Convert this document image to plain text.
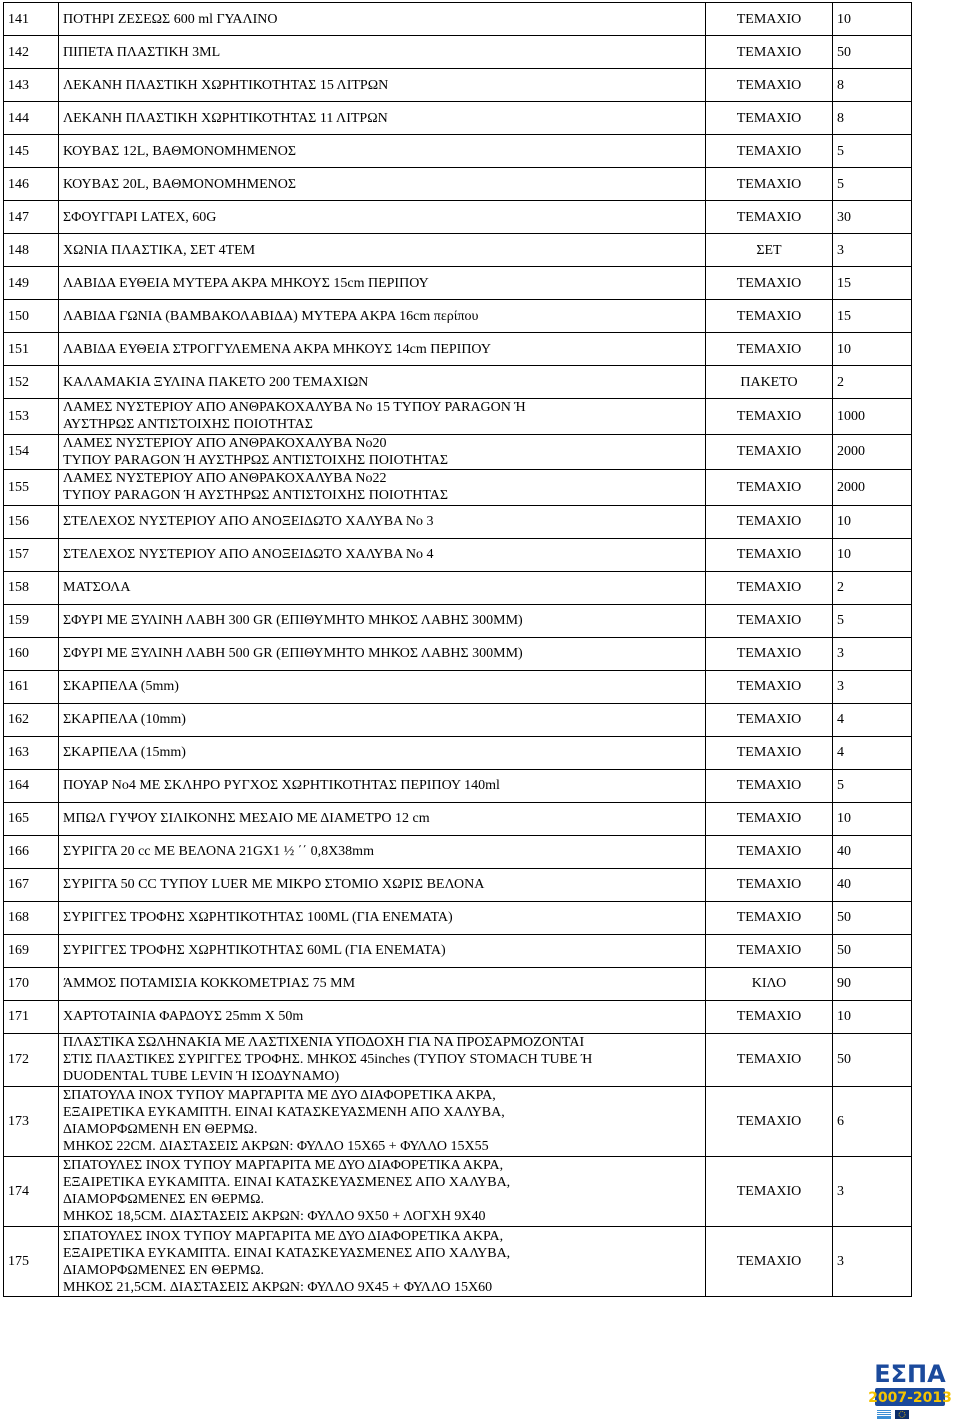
141	ΠΟΤΗΡΙ ΖΕΣΕΩΣ 600 ml ΓΥΑΛΙΝΟ	ΤΕΜΑΧΙΟ	10
142	ΠΙΠΕΤΑ ΠΛΑΣΤΙΚΗ 3ML	ΤΕΜΑΧΙΟ	50
143	ΛΕΚΑΝΗ ΠΛΑΣΤΙΚΗ ΧΩΡΗΤΙΚΟΤΗΤΑΣ 15 ΛΙΤΡΩΝ	ΤΕΜΑΧΙΟ	8
144	ΛΕΚΑΝΗ ΠΛΑΣΤΙΚΗ ΧΩΡΗΤΙΚΟΤΗΤΑΣ 11 ΛΙΤΡΩΝ	ΤΕΜΑΧΙΟ	8
145	ΚΟΥΒΑΣ 12L, ΒΑΘΜΟΝΟΜΗΜΕΝΟΣ	ΤΕΜΑΧΙΟ	5
146	ΚΟΥΒΑΣ 20L, ΒΑΘΜΟΝΟΜΗΜΕΝΟΣ	ΤΕΜΑΧΙΟ	5
147	ΣΦΟΥΓΓΑΡΙ LATEX, 60G	ΤΕΜΑΧΙΟ	30
148	ΧΩΝΙΑ ΠΛΑΣΤΙΚΑ, ΣΕΤ 4ΤΕΜ	ΣΕΤ	3
149	ΛΑΒΙΔΑ ΕΥΘΕΙΑ ΜΥΤΕΡΑ ΑΚΡΑ ΜΗΚΟΥΣ 15cm ΠΕΡΙΠΟΥ	ΤΕΜΑΧΙΟ	15
150	ΛΑΒΙΔΑ ΓΩΝΙΑ (ΒΑΜΒΑΚΟΛΑΒΙΔΑ) ΜΥΤΕΡΑ ΑΚΡΑ 16cm περίπου	ΤΕΜΑΧΙΟ	15
151	ΛΑΒΙΔΑ ΕΥΘΕΙΑ ΣΤΡΟΓΓΥΛΕΜΕΝΑ ΑΚΡΑ ΜΗΚΟΥΣ 14cm ΠΕΡΙΠΟΥ	ΤΕΜΑΧΙΟ	10
152	ΚΑΛΑΜΑΚΙΑ ΞΥΛΙΝΑ ΠΑΚΕΤΟ 200 ΤΕΜΑΧΙΩΝ	ΠΑΚΕΤΟ	2
153	ΛΑΜΕΣ ΝΥΣΤΕΡΙΟΥ ΑΠΟ ΑΝΘΡΑΚΟΧΑΛΥΒΑ Νο 15 ΤΥΠΟΥ PARAGON Ή
ΑΥΣΤΗΡΩΣ ΑΝΤΙΣΤΟΙΧΗΣ ΠΟΙΟΤΗΤΑΣ	ΤΕΜΑΧΙΟ	1000
154	ΛΑΜΕΣ ΝΥΣΤΕΡΙΟΥ ΑΠΟ ΑΝΘΡΑΚΟΧΑΛΥΒΑ Νο20
ΤΥΠΟΥ PARAGON Ή ΑΥΣΤΗΡΩΣ ΑΝΤΙΣΤΟΙΧΗΣ ΠΟΙΟΤΗΤΑΣ	ΤΕΜΑΧΙΟ	2000
155	ΛΑΜΕΣ ΝΥΣΤΕΡΙΟΥ ΑΠΟ ΑΝΘΡΑΚΟΧΑΛΥΒΑ Νο22
ΤΥΠΟΥ PARAGON Ή ΑΥΣΤΗΡΩΣ ΑΝΤΙΣΤΟΙΧΗΣ ΠΟΙΟΤΗΤΑΣ	ΤΕΜΑΧΙΟ	2000
156	ΣΤΕΛΕΧΟΣ ΝΥΣΤΕΡΙΟΥ ΑΠΟ ΑΝΟΞΕΙΔΩΤΟ ΧΑΛΥΒΑ Νο 3	ΤΕΜΑΧΙΟ	10
157	ΣΤΕΛΕΧΟΣ ΝΥΣΤΕΡΙΟΥ ΑΠΟ ΑΝΟΞΕΙΔΩΤΟ ΧΑΛΥΒΑ Νο 4	ΤΕΜΑΧΙΟ	10
158	ΜΑΤΣΟΛΑ	ΤΕΜΑΧΙΟ	2
159	ΣΦΥΡΙ ΜΕ ΞΥΛΙΝΗ ΛΑΒΗ 300 GR (ΕΠΙΘΥΜΗΤΟ ΜΗΚΟΣ ΛΑΒΗΣ 300ΜΜ)	ΤΕΜΑΧΙΟ	5
160	ΣΦΥΡΙ ΜΕ ΞΥΛΙΝΗ ΛΑΒΗ 500 GR (ΕΠΙΘΥΜΗΤΟ ΜΗΚΟΣ ΛΑΒΗΣ 300ΜΜ)	ΤΕΜΑΧΙΟ	3
161	ΣΚΑΡΠΕΛΑ (5mm)	ΤΕΜΑΧΙΟ	3
162	ΣΚΑΡΠΕΛΑ (10mm)	ΤΕΜΑΧΙΟ	4
163	ΣΚΑΡΠΕΛΑ (15mm)	ΤΕΜΑΧΙΟ	4
164	ΠΟΥΑΡ Νο4 ΜΕ ΣΚΛΗΡΟ ΡΥΓΧΟΣ ΧΩΡΗΤΙΚΟΤΗΤΑΣ ΠΕΡΙΠΟΥ 140ml	ΤΕΜΑΧΙΟ	5
165	ΜΠΩΛ ΓΥΨΟΥ ΣΙΛΙΚΟΝΗΣ ΜΕΣΑΙΟ ΜΕ ΔΙΑΜΕΤΡΟ 12 cm	ΤΕΜΑΧΙΟ	10
166	ΣΥΡΙΓΓΑ 20 cc ΜΕ ΒΕΛΟΝΑ 21GX1 ½ ΄΄ 0,8X38mm	ΤΕΜΑΧΙΟ	40
167	ΣΥΡΙΓΓΑ 50 CC ΤΥΠΟΥ LUER ΜΕ ΜΙΚΡΟ ΣΤΟΜΙΟ ΧΩΡΙΣ ΒΕΛΟΝΑ	ΤΕΜΑΧΙΟ	40
168	ΣΥΡΙΓΓΕΣ ΤΡΟΦΗΣ ΧΩΡΗΤΙΚΟΤΗΤΑΣ 100ML (ΓΙΑ ΕΝΕΜΑΤΑ)	ΤΕΜΑΧΙΟ	50
169	ΣΥΡΙΓΓΕΣ ΤΡΟΦΗΣ ΧΩΡΗΤΙΚΟΤΗΤΑΣ 60ML (ΓΙΑ ΕΝΕΜΑΤΑ)	ΤΕΜΑΧΙΟ	50
170	ΆΜΜΟΣ ΠΟΤΑΜΙΣΙΑ ΚΟΚΚΟΜΕΤΡΙΑΣ 75 ΜΜ	ΚΙΛΟ	90
171	ΧΑΡΤΟΤΑΙΝΙΑ ΦΑΡΔΟΥΣ 25mm X 50m	ΤΕΜΑΧΙΟ	10
172	ΠΛΑΣΤΙΚΑ ΣΩΛΗΝΑΚΙΑ ΜΕ ΛΑΣΤΙΧΕΝΙΑ ΥΠΟΔΟΧΗ ΓΙΑ ΝΑ ΠΡΟΣΑΡΜΟΖΟΝΤΑΙ
ΣΤΙΣ ΠΛΑΣΤΙΚΕΣ ΣΥΡΙΓΓΕΣ ΤΡΟΦΗΣ. ΜΗΚΟΣ 45inches (ΤΥΠΟΥ STOMACH TUBE Ή
DUODENTAL TUBE LEVIN Ή ΙΣΟΔΥΝΑΜΟ)	ΤΕΜΑΧΙΟ	50
173	ΣΠΑΤΟΥΛΑ ΙΝΟΧ ΤΥΠΟΥ ΜΑΡΓΑΡΙΤΑ ΜΕ ΔΥΟ ΔΙΑΦΟΡΕΤΙΚΑ ΑΚΡΑ,
ΕΞΑΙΡΕΤΙΚΑ ΕΥΚΑΜΠΤΗ. ΕΙΝΑΙ ΚΑΤΑΣΚΕΥΑΣΜΕΝΗ ΑΠΟ ΧΑΛΥΒΑ,
ΔΙΑΜΟΡΦΩΜΕΝΗ ΕΝ ΘΕΡΜΩ.
ΜΗΚΟΣ 22CM. ΔΙΑΣΤΑΣΕΙΣ ΑΚΡΩΝ: ΦΥΛΛΟ 15Χ65 + ΦΥΛΛΟ 15Χ55	ΤΕΜΑΧΙΟ	6
174	ΣΠΑΤΟΥΛΕΣ ΙΝΟΧ ΤΥΠΟΥ ΜΑΡΓΑΡΙΤΑ ΜΕ ΔΥΟ ΔΙΑΦΟΡΕΤΙΚΑ ΑΚΡΑ,
ΕΞΑΙΡΕΤΙΚΑ ΕΥΚΑΜΠΤΑ. ΕΙΝΑΙ ΚΑΤΑΣΚΕΥΑΣΜΕΝΕΣ ΑΠΟ ΧΑΛΥΒΑ,
ΔΙΑΜΟΡΦΩΜΕΝΕΣ ΕΝ ΘΕΡΜΩ.
ΜΗΚΟΣ 18,5CM. ΔΙΑΣΤΑΣΕΙΣ ΑΚΡΩΝ: ΦΥΛΛΟ 9Χ50 + ΛΟΓΧΗ 9Χ40	ΤΕΜΑΧΙΟ	3
175	ΣΠΑΤΟΥΛΕΣ ΙΝΟΧ ΤΥΠΟΥ ΜΑΡΓΑΡΙΤΑ ΜΕ ΔΥΟ ΔΙΑΦΟΡΕΤΙΚΑ ΑΚΡΑ,
ΕΞΑΙΡΕΤΙΚΑ ΕΥΚΑΜΠΤΑ. ΕΙΝΑΙ ΚΑΤΑΣΚΕΥΑΣΜΕΝΕΣ ΑΠΟ ΧΑΛΥΒΑ,
ΔΙΑΜΟΡΦΩΜΕΝΕΣ ΕΝ ΘΕΡΜΩ.
ΜΗΚΟΣ 21,5CM. ΔΙΑΣΤΑΣΕΙΣ ΑΚΡΩΝ: ΦΥΛΛΟ 9Χ45 + ΦΥΛΛΟ 15Χ60	ΤΕΜΑΧΙΟ	3
ΕΣΠΑ
2007-2013
